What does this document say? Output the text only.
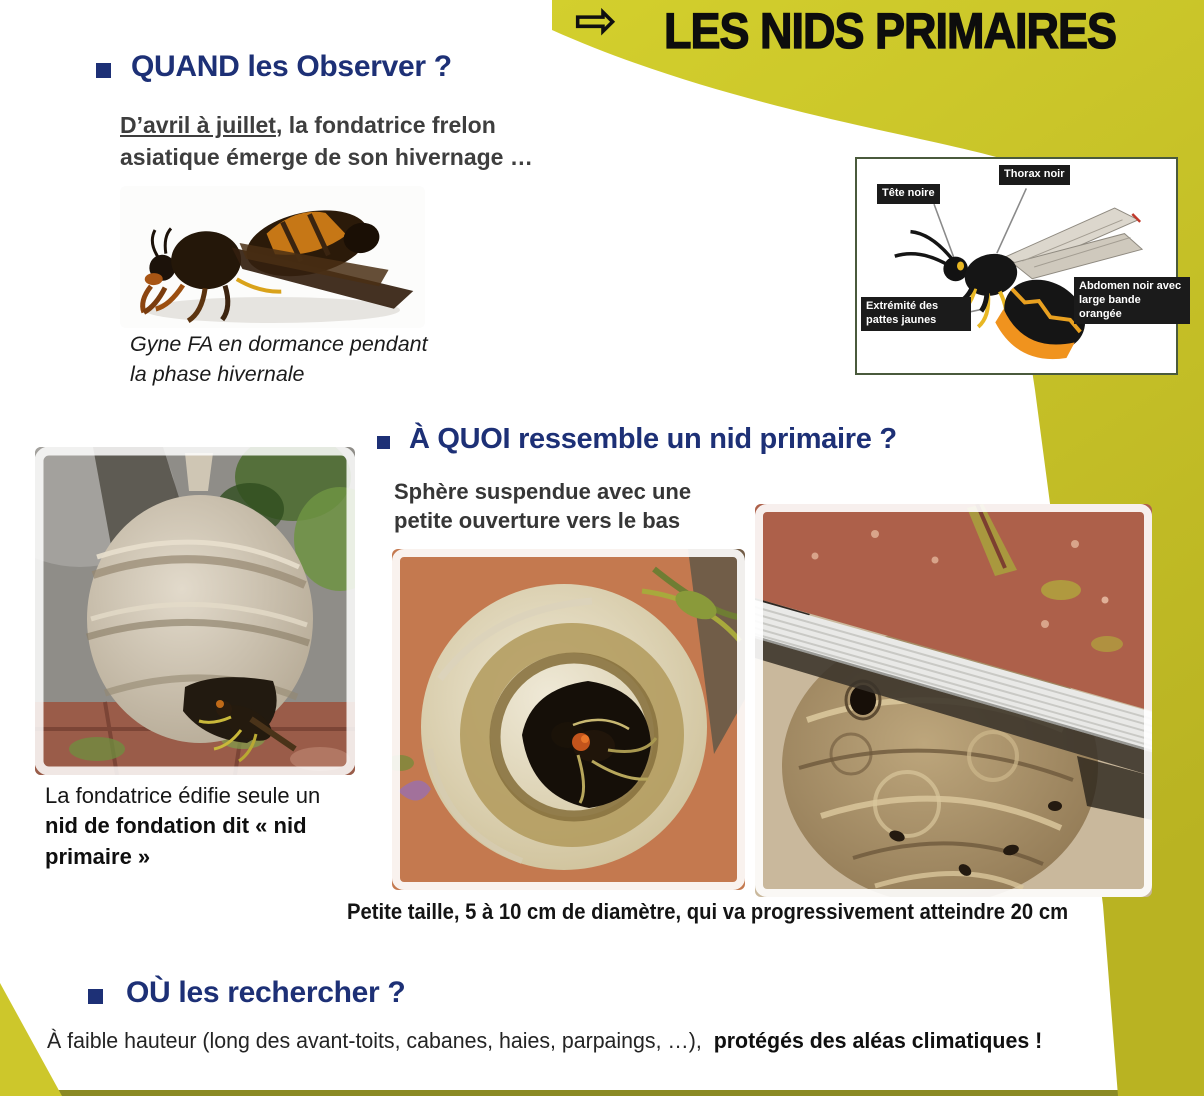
⇨ LES NIDS PRIMAIRES
QUAND les Observer ?

D’avril à juillet, la fondatrice frelon asiatique émerge de son hivernage …

Gyne FA en dormance pendant la phase hivernale

Tête noire
Thorax noir
Extrémité des pattes jaunes
Abdomen noir avec large bande orangée
À QUOI ressemble un nid primaire ?

Sphère suspendue avec une petite ouverture vers le bas

La fondatrice édifie seule un nid de fondation dit « nid primaire »

Petite taille, 5 à 10 cm de diamètre, qui va progressivement atteindre 20 cm

OÙ les rechercher ?

À faible hauteur (long des avant-toits, cabanes, haies, parpaings, …),  protégés des aléas climatiques !
